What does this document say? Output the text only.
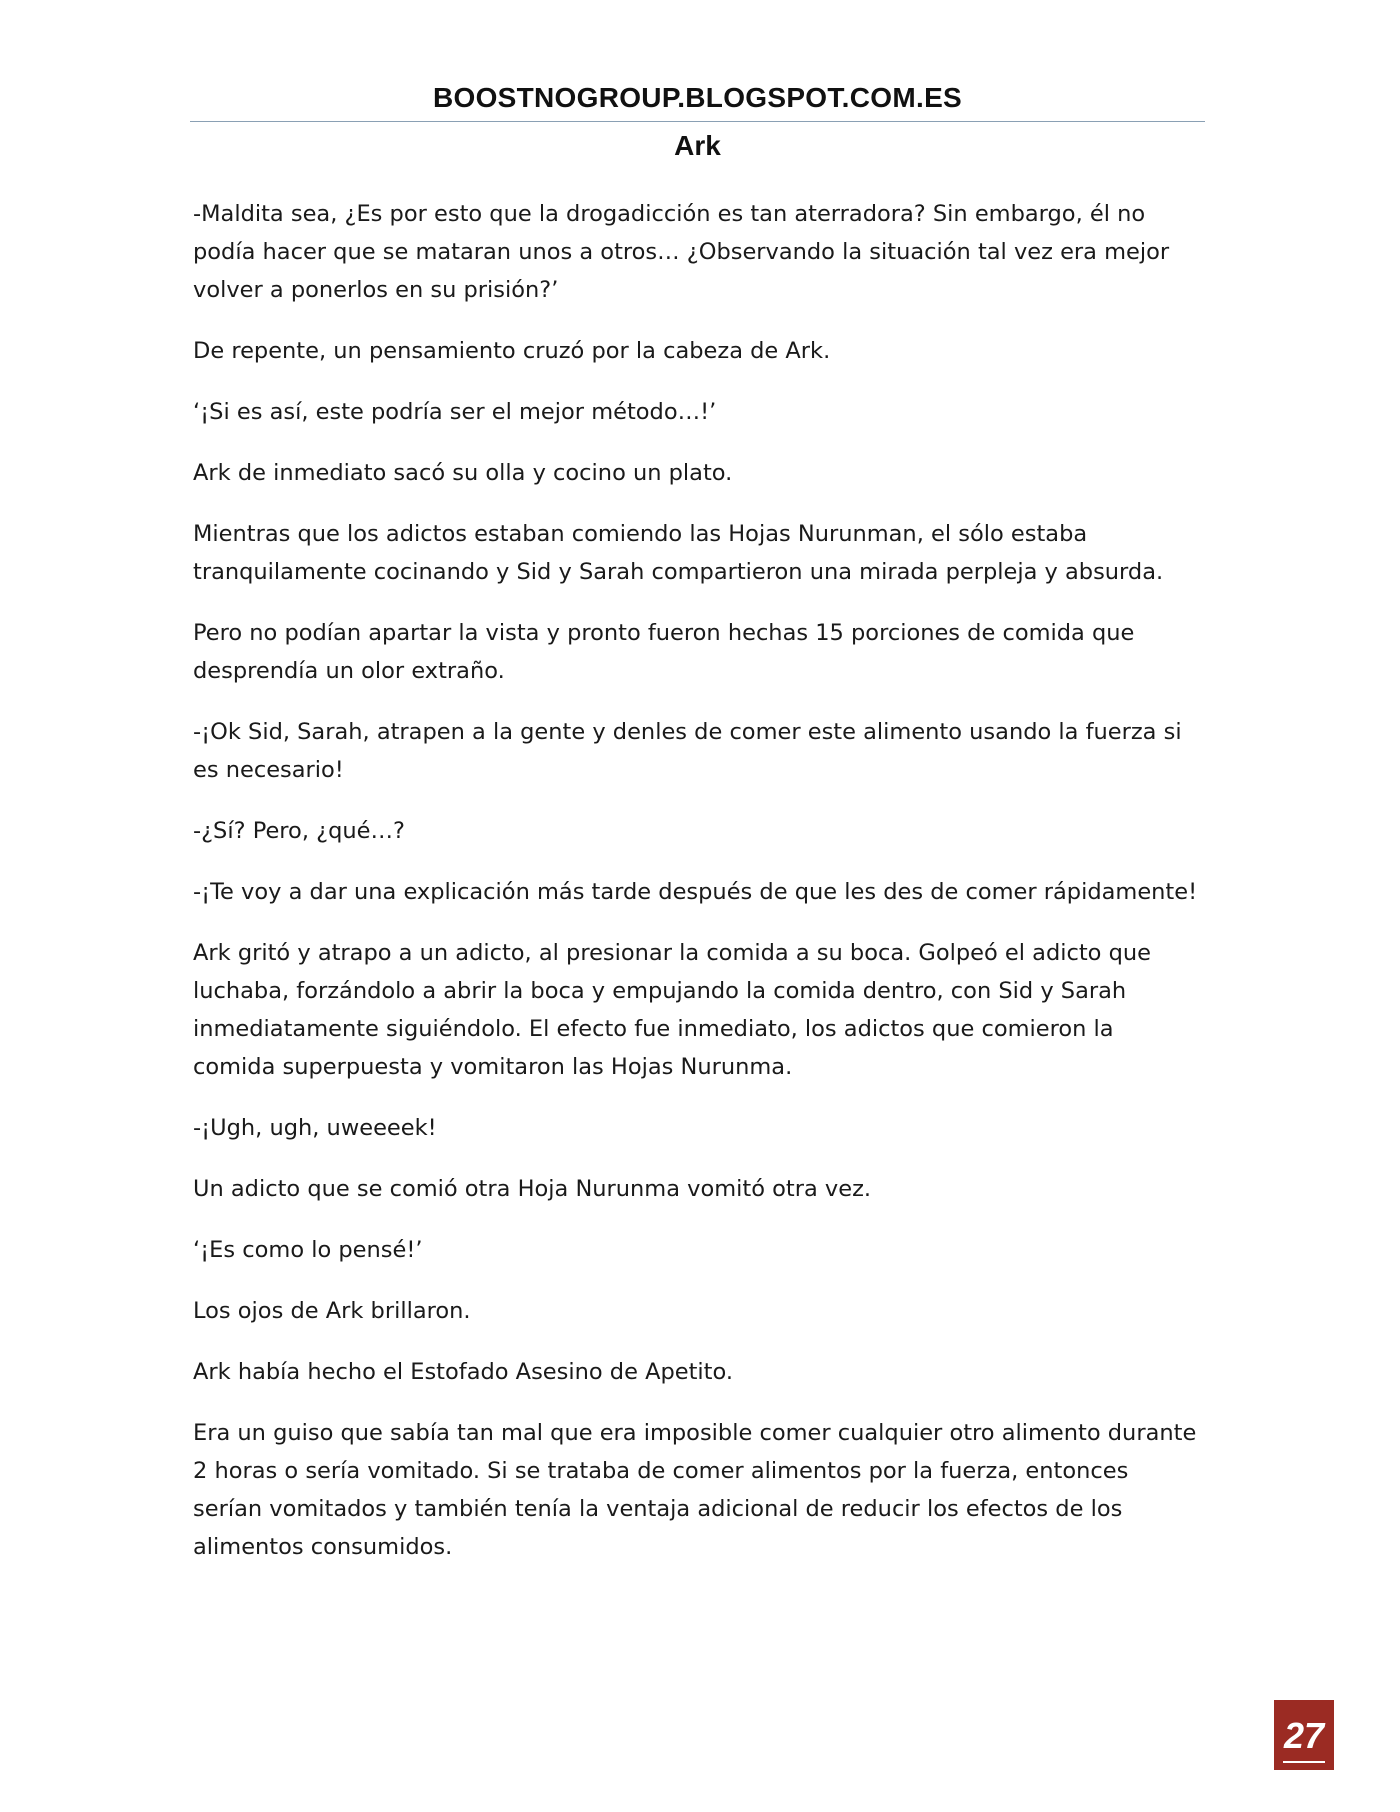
BOOSTNOGROUP.BLOGSPOT.COM.ES
Ark

-Maldita sea, ¿Es por esto que la drogadicción es tan aterradora? Sin embargo, él no podía hacer que se mataran unos a otros… ¿Observando la situación tal vez era mejor volver a ponerlos en su prisión?’

De repente, un pensamiento cruzó por la cabeza de Ark.

‘¡Si es así, este podría ser el mejor método…!’

Ark de inmediato sacó su olla y cocino un plato.

Mientras que los adictos estaban comiendo las Hojas Nurunman, el sólo estaba tranquilamente cocinando y Sid y Sarah compartieron una mirada perpleja y absurda.

Pero no podían apartar la vista y pronto fueron hechas 15 porciones de comida que desprendía un olor extraño.

-¡Ok Sid, Sarah, atrapen a la gente y denles de comer este alimento usando la fuerza si es necesario!

-¿Sí? Pero, ¿qué…?

-¡Te voy a dar una explicación más tarde después de que les des de comer rápidamente!

Ark gritó y atrapo a un adicto, al presionar la comida a su boca. Golpeó el adicto que luchaba, forzándolo a abrir la boca y empujando la comida dentro, con Sid y Sarah inmediatamente siguiéndolo. El efecto fue inmediato, los adictos que comieron la comida superpuesta y vomitaron las Hojas Nurunma.

-¡Ugh, ugh, uweeeek!

Un adicto que se comió otra Hoja Nurunma vomitó otra vez.

‘¡Es como lo pensé!’

Los ojos de Ark brillaron.

Ark había hecho el Estofado Asesino de Apetito.

Era un guiso que sabía tan mal que era imposible comer cualquier otro alimento durante 2 horas o sería vomitado. Si se trataba de comer alimentos por la fuerza, entonces serían vomitados y también tenía la ventaja adicional de reducir los efectos de los alimentos consumidos.

27
